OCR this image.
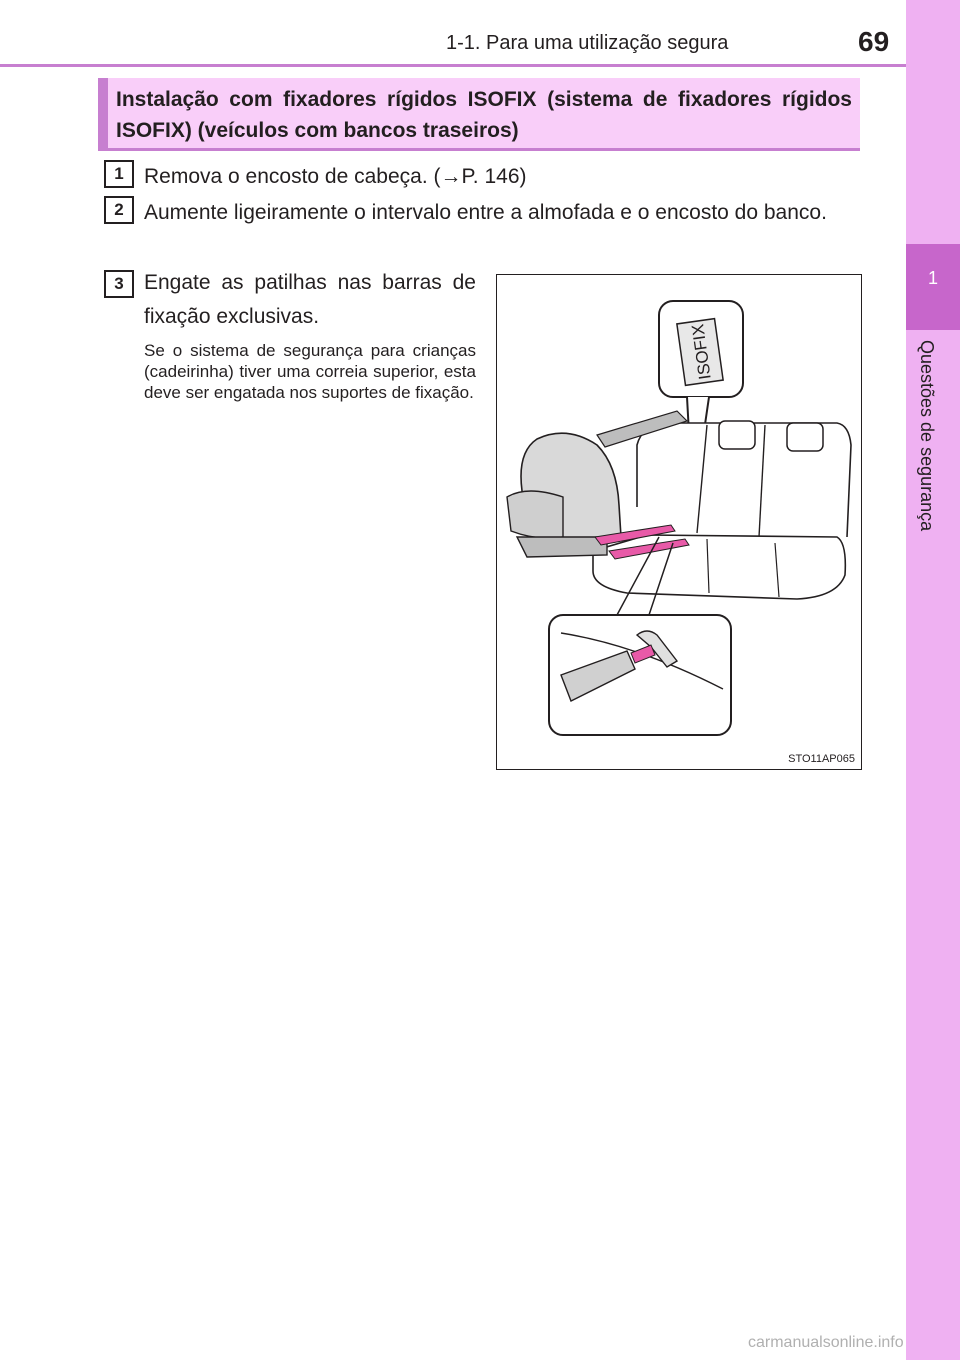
1-1. Para uma utilização segura	69
1
Questões de segurança
Instalação com fixadores rígidos ISOFIX (sistema de fixadores rígidos ISOFIX) (veículos com bancos traseiros)
1 Remova o encosto de cabeça. (→P. 146)
2 Aumente ligeiramente o intervalo entre a almofada e o encosto do banco.
3 Engate as patilhas nas barras de fixação exclusivas.
Se o sistema de segurança para crianças (cadeirinha) tiver uma correia superior, esta deve ser engatada nos suportes de fixação.
ISOFIX
STO11AP065
carmanualsonline.info
